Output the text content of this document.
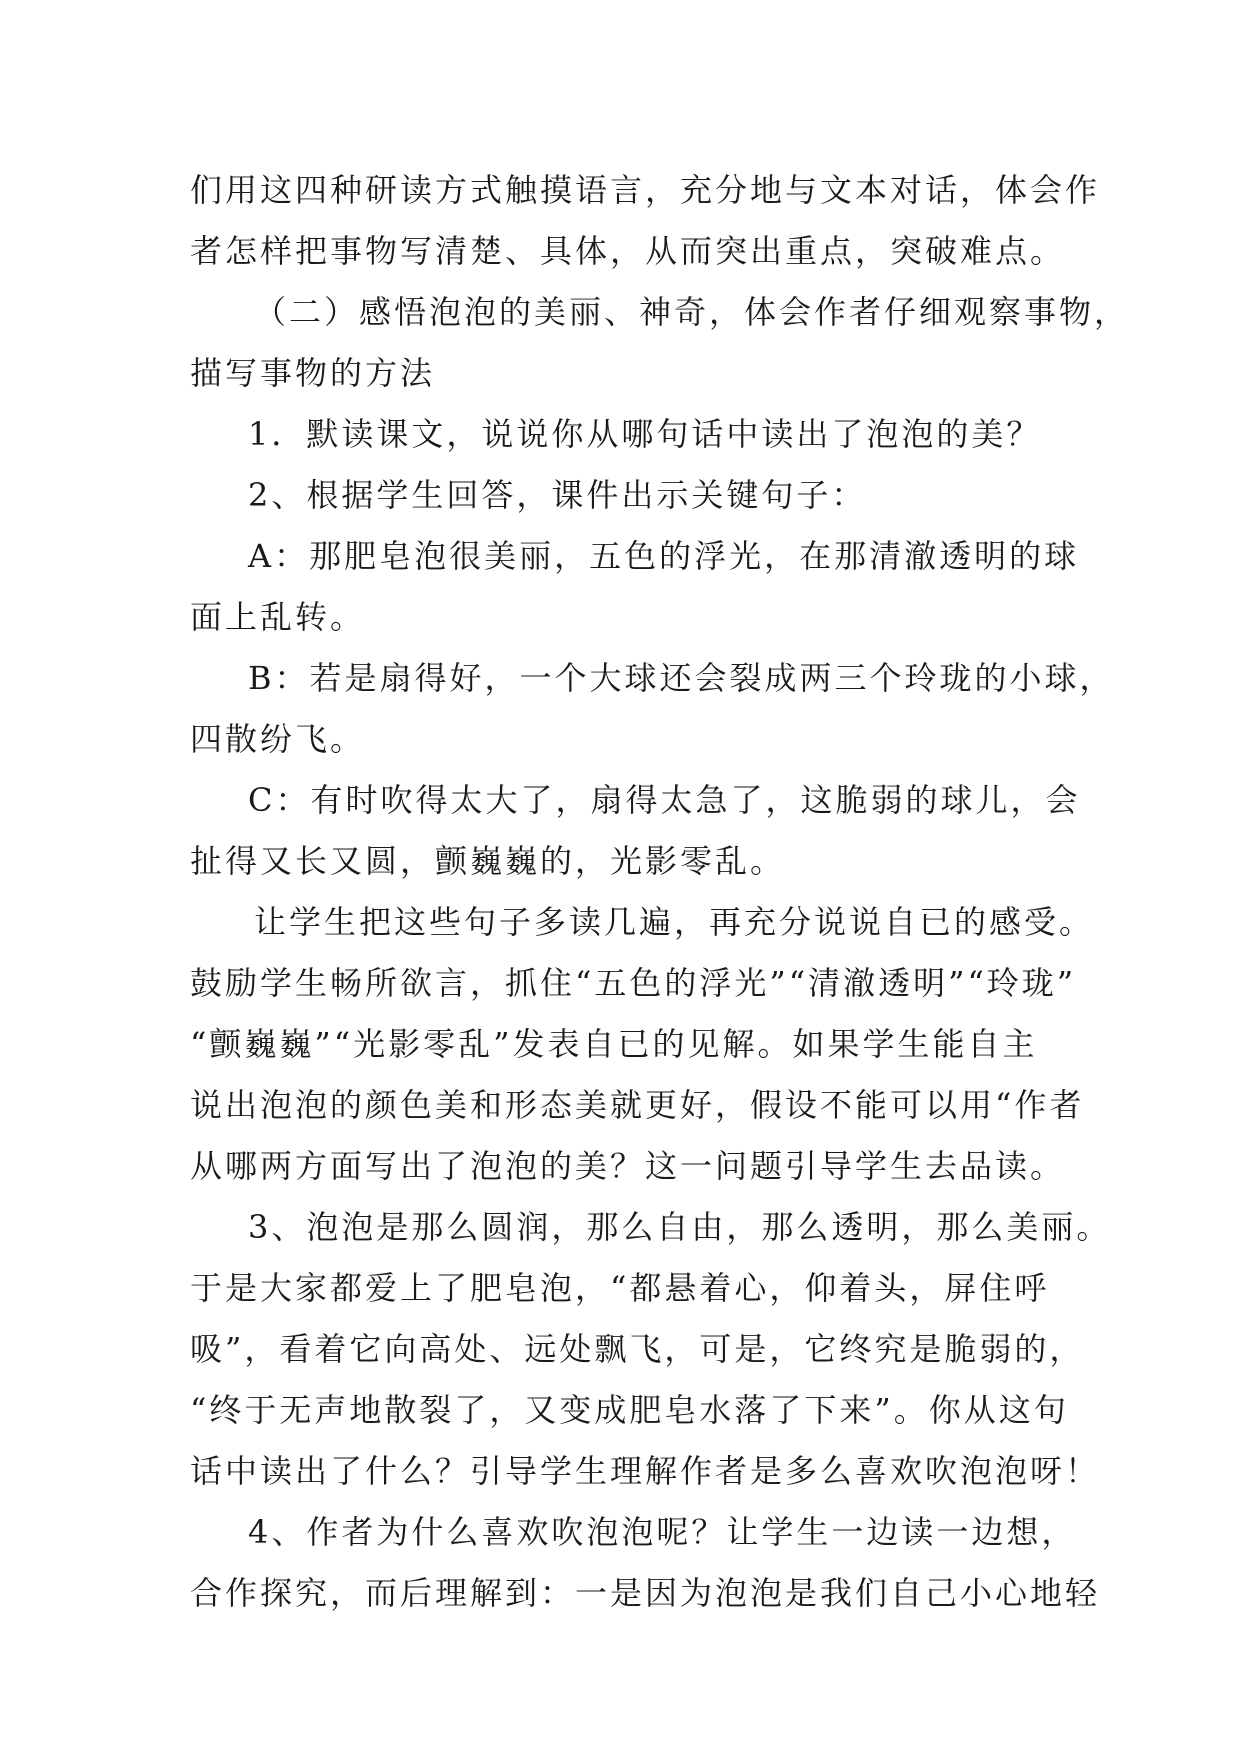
们用这四种研读方式触摸语言，充分地与文本对话，体会作
者怎样把事物写清楚、具体，从而突出重点，突破难点。
（二）感悟泡泡的美丽、神奇，体会作者仔细观察事物，
描写事物的方法
1．默读课文，说说你从哪句话中读出了泡泡的美？
2、根据学生回答，课件出示关键句子：
A：那肥皂泡很美丽，五色的浮光，在那清澈透明的球
面上乱转。
B：若是扇得好，一个大球还会裂成两三个玲珑的小球，
四散纷飞。
C：有时吹得太大了，扇得太急了，这脆弱的球儿，会
扯得又长又圆，颤巍巍的，光影零乱。
让学生把这些句子多读几遍，再充分说说自已的感受。
鼓励学生畅所欲言，抓住“五色的浮光”“清澈透明”“玲珑”
“颤巍巍”“光影零乱”发表自已的见解。如果学生能自主
说出泡泡的颜色美和形态美就更好，假设不能可以用“作者
从哪两方面写出了泡泡的美？这一问题引导学生去品读。
3、泡泡是那么圆润，那么自由，那么透明，那么美丽。
于是大家都爱上了肥皂泡，“都悬着心，仰着头，屏住呼
吸”，看着它向高处、远处飘飞，可是，它终究是脆弱的，
“终于无声地散裂了，又变成肥皂水落了下来”。你从这句
话中读出了什么？引导学生理解作者是多么喜欢吹泡泡呀！
4、作者为什么喜欢吹泡泡呢？让学生一边读一边想，
合作探究，而后理解到：一是因为泡泡是我们自己小心地轻
